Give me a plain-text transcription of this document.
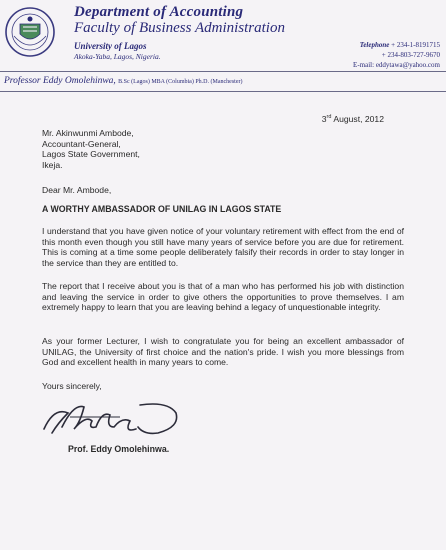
Department of Accounting
Faculty of Business Administration
University of Lagos
Akoka-Yaba, Lagos, Nigeria.
Telephone + 234-1-8191715
+ 234-803-727-9670
E-mail: eddytawa@yahoo.com
Professor Eddy Omolehinwa, B.Sc (Lagos) MBA (Columbia) Ph.D. (Manchester)
3rd August, 2012
Mr. Akinwunmi Ambode,
Accountant-General,
Lagos State Government,
Ikeja.
Dear Mr. Ambode,
A WORTHY AMBASSADOR OF UNILAG IN LAGOS STATE
I understand that you have given notice of your voluntary retirement with effect from the end of this month even though you still have many years of service before you are due for retirement. This is coming at a time some people deliberately falsify their records in order to stay longer in the service than they are entitled to.
The report that I receive about you is that of a man who has performed his job with distinction and leaving the service in order to give others the opportunities to prove themselves. I am extremely happy to learn that you are leaving behind a legacy of unquestionable integrity.
As your former Lecturer, I wish to congratulate you for being an excellent ambassador of UNILAG, the University of first choice and the nation's pride. I wish you more blessings from God and excellent health in many years to come.
Yours sincerely,
Prof. Eddy Omolehinwa.
